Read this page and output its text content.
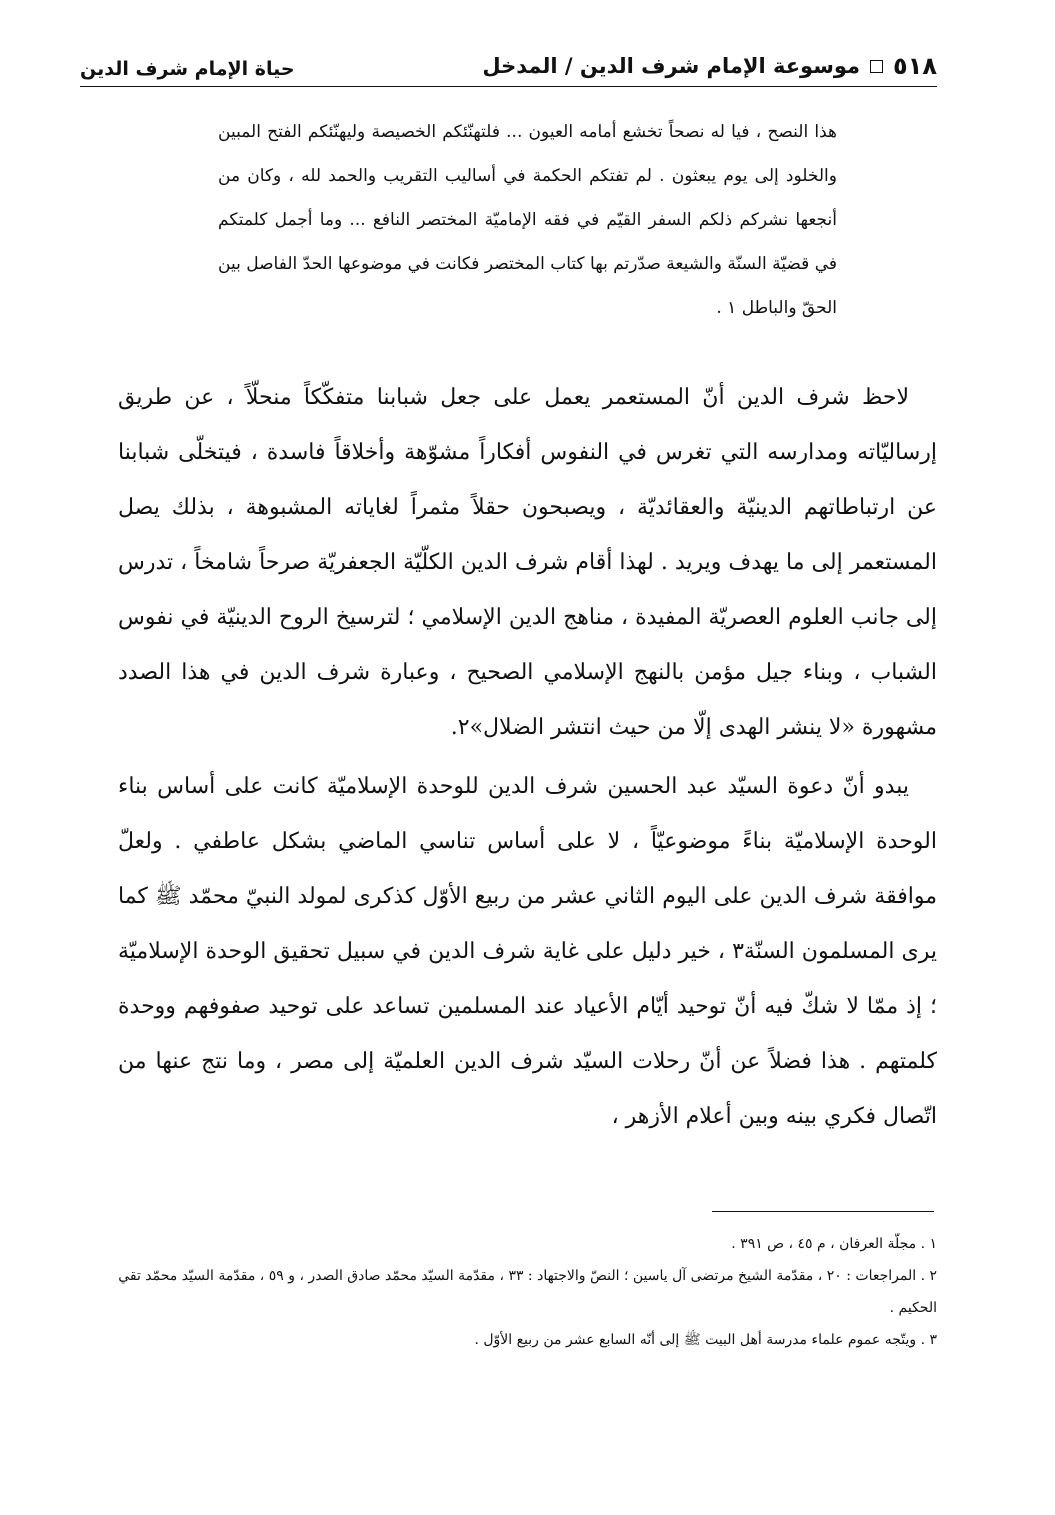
٥١٨
موسوعة الإمام شرف الدين / المدخل
حياة الإمام شرف الدين

هذا النصح ، فيا له نصحاً تخشع أمامه العيون ... فلتهنّئكم الخصيصة وليهنّئكم الفتح المبين والخلود إلى يوم يبعثون . لم تفتكم الحكمة في أساليب التقريب والحمد لله ، وكان من أنجعها نشركم ذلكم السفر القيّم في فقه الإماميّة المختصر النافع ... وما أجمل كلمتكم في قضيّة السنّة والشيعة صدّرتم بها كتاب المختصر فكانت في موضوعها الحدّ الفاصل بين الحقّ والباطل ١ .

لاحظ شرف الدين أنّ المستعمر يعمل على جعل شبابنا متفكّكاً منحلّاً ، عن طريق إرساليّاته ومدارسه التي تغرس في النفوس أفكاراً مشوّهة وأخلاقاً فاسدة ، فيتخلّى شبابنا عن ارتباطاتهم الدينيّة والعقائديّة ، ويصبحون حقلاً مثمراً لغاياته المشبوهة ، بذلك يصل المستعمر إلى ما يهدف ويريد . لهذا أقام شرف الدين الكلّيّة الجعفريّة صرحاً شامخاً ، تدرس إلى جانب العلوم العصريّة المفيدة ، مناهج الدين الإسلامي ؛ لترسيخ الروح الدينيّة في نفوس الشباب ، وبناء جيل مؤمن بالنهج الإسلامي الصحيح ، وعبارة شرف الدين في هذا الصدد مشهورة «لا ينشر الهدى إلّا من حيث انتشر الضلال»٢.

يبدو أنّ دعوة السيّد عبد الحسين شرف الدين للوحدة الإسلاميّة كانت على أساس بناء الوحدة الإسلاميّة بناءً موضوعيّاً ، لا على أساس تناسي الماضي بشكل عاطفي . ولعلّ موافقة شرف الدين على اليوم الثاني عشر من ربيع الأوّل كذكرى لمولد النبيّ محمّد ﷺ كما يرى المسلمون السنّة٣ ، خير دليل على غاية شرف الدين في سبيل تحقيق الوحدة الإسلاميّة ؛ إذ ممّا لا شكّ فيه أنّ توحيد أيّام الأعياد عند المسلمين تساعد على توحيد صفوفهم ووحدة كلمتهم . هذا فضلاً عن أنّ رحلات السيّد شرف الدين العلميّة إلى مصر ، وما نتج عنها من اتّصال فكري بينه وبين أعلام الأزهر ،

١ . مجلّة العرفان ، م ٤٥ ، ص ٣٩١ .

٢ . المراجعات : ٢٠ ، مقدّمة الشيخ مرتضى آل ياسين ؛ النصّ والاجتهاد : ٣٣ ، مقدّمة السيّد محمّد صادق الصدر ، و ٥٩ ، مقدّمة السيّد محمّد تقي الحكيم .

٣ . ويتّجه عموم علماء مدرسة أهل البيت ﷺ إلى أنّه السابع عشر من ربيع الأوّل .
